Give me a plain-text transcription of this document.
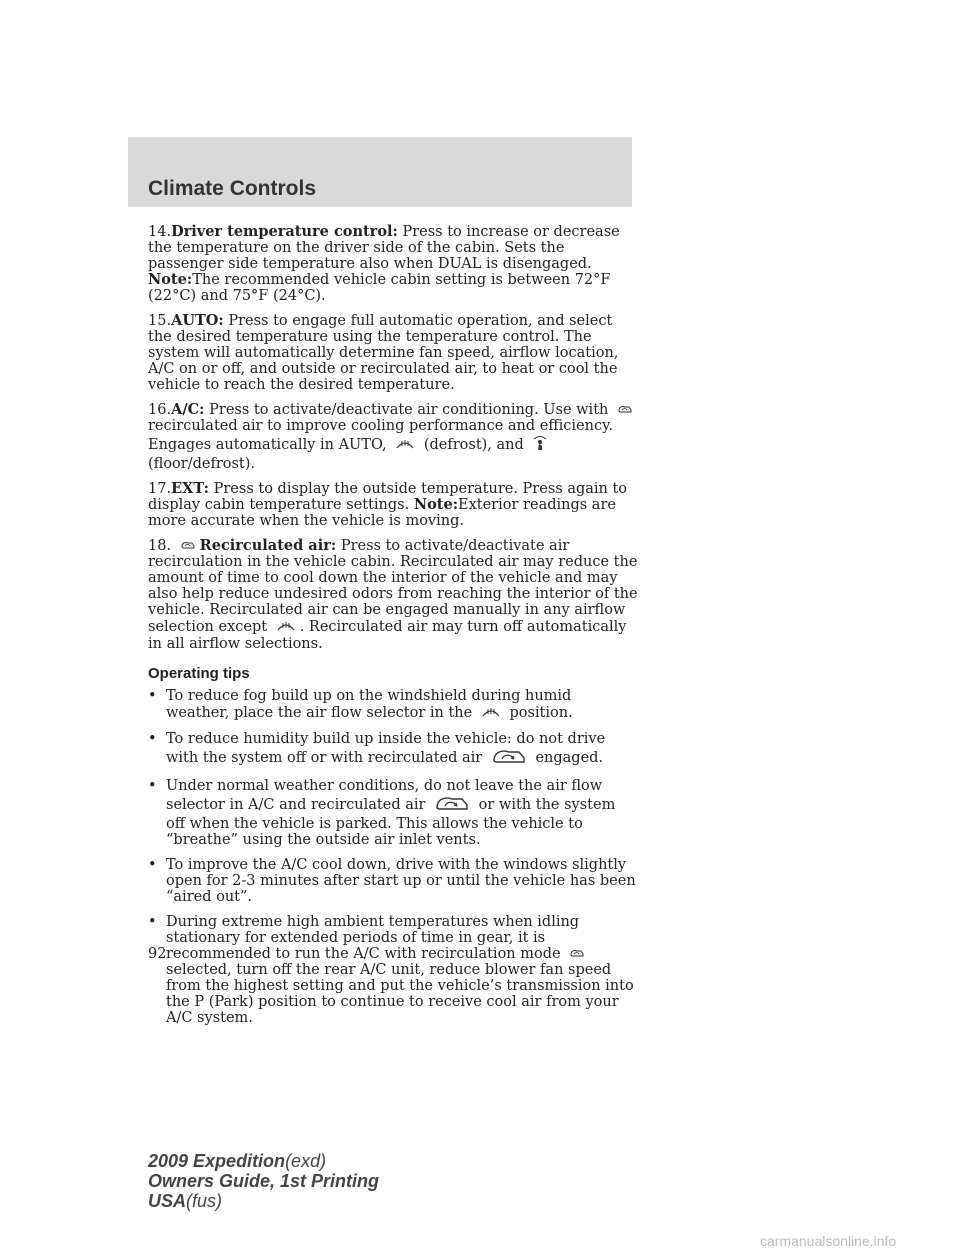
Climate Controls

14.Driver temperature control: Press to increase or decrease the temperature on the driver side of the cabin. Sets the passenger side temperature also when DUAL is disengaged. Note:The recommended vehicle cabin setting is between 72°F (22°C) and 75°F (24°C).

15.AUTO: Press to engage full automatic operation, and select the desired temperature using the temperature control. The system will automatically determine fan speed, airflow location, A/C on or off, and outside or recirculated air, to heat or cool the vehicle to reach the desired temperature.

16.A/C: Press to activate/deactivate air conditioning. Use with  recirculated air to improve cooling performance and efficiency. Engages automatically in AUTO,	(defrost), and  (floor/defrost).

17.EXT: Press to display the outside temperature. Press again to display cabin temperature settings. Note:Exterior readings are more accurate when the vehicle is moving.

18. Recirculated air: Press to activate/deactivate air recirculation in the vehicle cabin. Recirculated air may reduce the amount of time to cool down the interior of the vehicle and may also help reduce undesired odors from reaching the interior of the vehicle. Recirculated air can be engaged manually in any airflow selection except . Recirculated air may turn off automatically in all airflow selections.

Operating tips
• To reduce fog build up on the windshield during humid weather, place the air flow selector in the	position.
• To reduce humidity build up inside the vehicle: do not drive with the system off or with recirculated air	engaged.
• Under normal weather conditions, do not leave the air flow selector in A/C and recirculated air	or with the system off when the vehicle is parked. This allows the vehicle to “breathe” using the outside air inlet vents.
• To improve the A/C cool down, drive with the windows slightly open for 2-3 minutes after start up or until the vehicle has been “aired out”.
• During extreme high ambient temperatures when idling stationary for extended periods of time in gear, it is recommended to run the A/C with recirculation mode selected, turn off the rear A/C unit, reduce blower fan speed from the highest setting and put the vehicle’s transmission into the P (Park) position to continue to receive cool air from your A/C system.
92
2009 Expedition(exd)
Owners Guide, 1st Printing
USA(fus)
carmanualsonline.info
